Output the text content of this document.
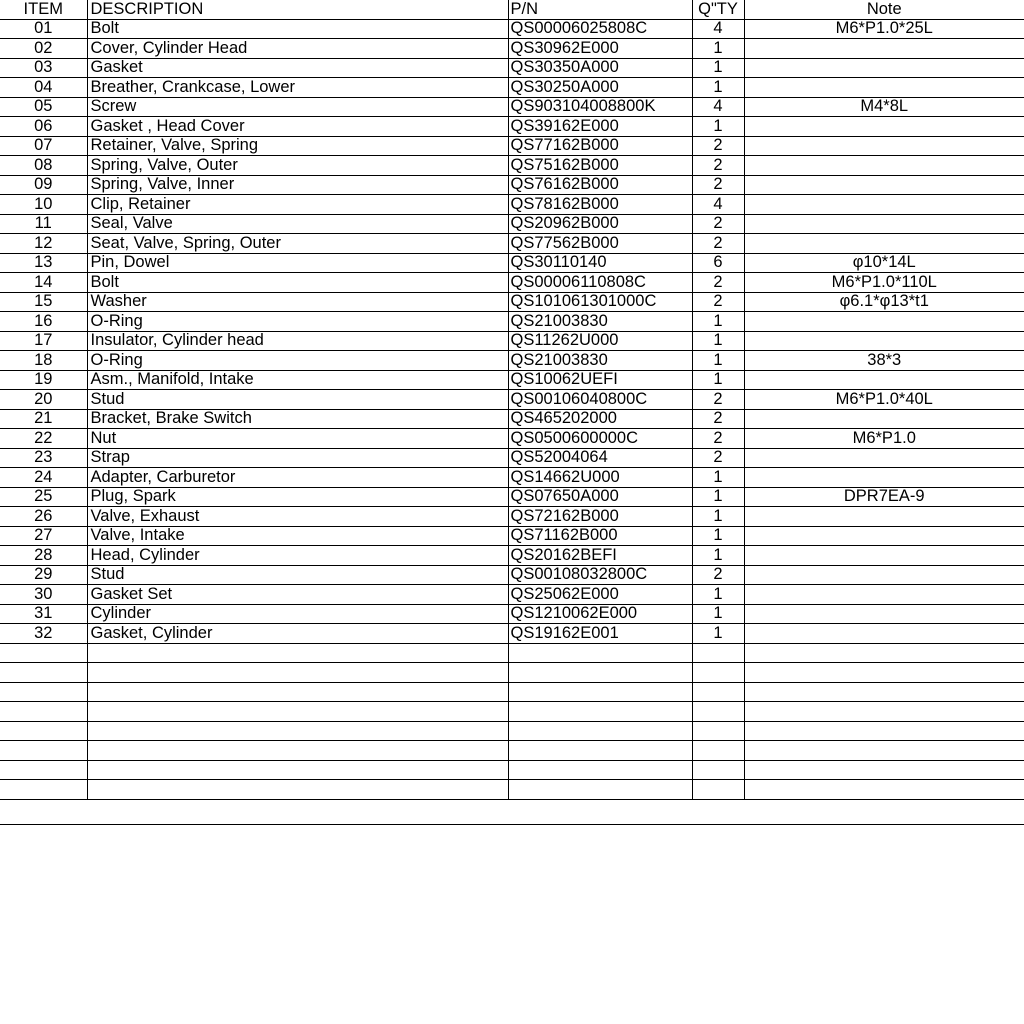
ITEM	DESCRIPTION	P/N	Q"TY	Note
01	Bolt	QS00006025808C	4	M6*P1.0*25L
02	Cover, Cylinder Head	QS30962E000	1	
03	Gasket	QS30350A000	1	
04	Breather, Crankcase, Lower	QS30250A000	1	
05	Screw	QS903104008800K	4	M4*8L
06	Gasket , Head Cover	QS39162E000	1	
07	Retainer, Valve, Spring	QS77162B000	2	
08	Spring, Valve, Outer	QS75162B000	2	
09	Spring, Valve, Inner	QS76162B000	2	
10	Clip, Retainer	QS78162B000	4	
11	Seal, Valve	QS20962B000	2	
12	Seat, Valve, Spring, Outer	QS77562B000	2	
13	Pin, Dowel	QS30110140	6	φ10*14L
14	Bolt	QS00006110808C	2	M6*P1.0*110L
15	Washer	QS101061301000C	2	φ6.1*φ13*t1
16	O-Ring	QS21003830	1	
17	Insulator, Cylinder head	QS11262U000	1	
18	O-Ring	QS21003830	1	38*3
19	Asm., Manifold, Intake	QS10062UEFI	1	
20	Stud	QS00106040800C	2	M6*P1.0*40L
21	Bracket, Brake Switch	QS465202000	2	
22	Nut	QS0500600000C	2	M6*P1.0
23	Strap	QS52004064	2	
24	Adapter, Carburetor	QS14662U000	1	
25	Plug, Spark	QS07650A000	1	DPR7EA-9
26	Valve, Exhaust	QS72162B000	1	
27	Valve, Intake	QS71162B000	1	
28	Head, Cylinder	QS20162BEFI	1	
29	Stud	QS00108032800C	2	
30	Gasket Set	QS25062E000	1	
31	Cylinder	QS1210062E000	1	
32	Gasket, Cylinder	QS19162E001	1	
